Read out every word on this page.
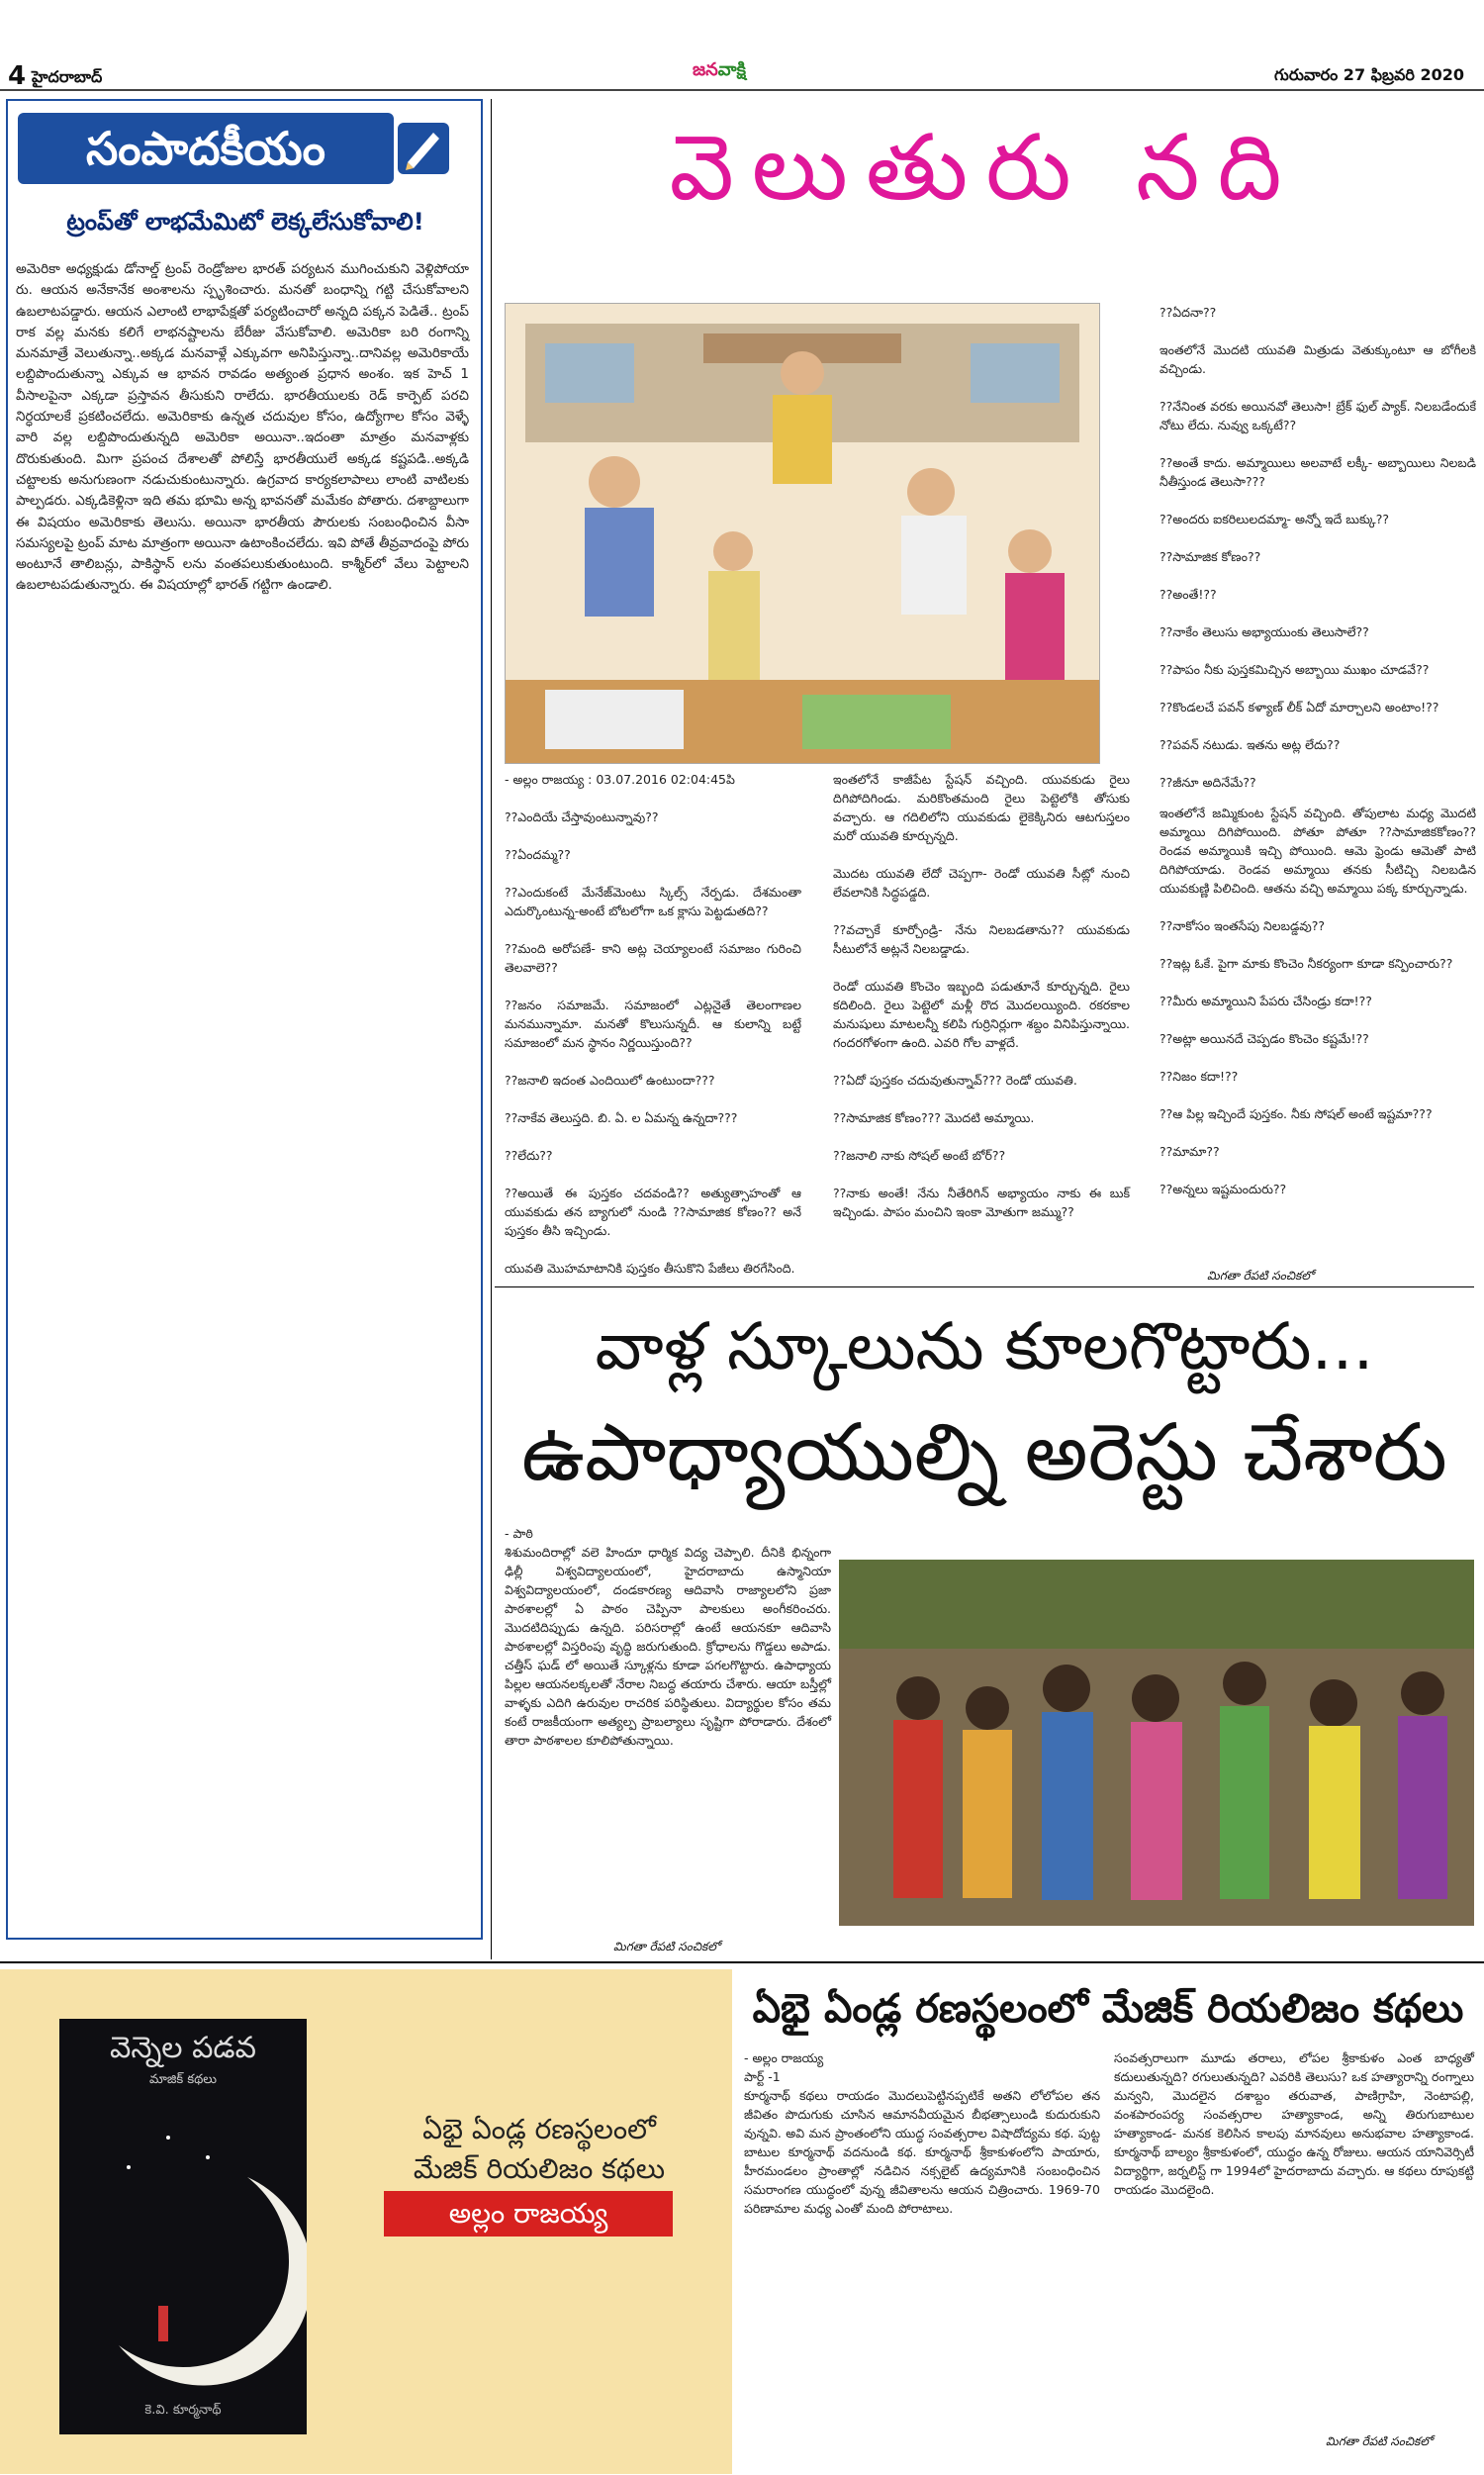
4 హైదరాబాద్	జనవాక్షి	గురువారం 27 ఫిబ్రవరి 2020
సంపాదకీయం
ట్రంప్‌తో లాభమేమిటో లెక్కలేసుకోవాలి!
అమెరికా అధ్యక్షుడు డోనాల్డ్ ట్రంప్ రెండ్రోజుల భారత్ పర్యటన ముగించుకుని వెళ్లిపోయా రు. ఆయన అనేకానేక అంశాలను స్పృశించారు. మనతో బంధాన్ని గట్టి చేసుకోవాలని ఉబలాటపడ్డారు. ఆయన ఎలాంటి లాభాపేక్షతో పర్యటించారో అన్నది పక్కన పెడితే.. ట్రంప్ రాక వల్ల మనకు కలిగే లాభనష్టాలను బేరీజు వేసుకోవాలి. అమెరికా బరి రంగాన్ని మనమాత్రే వెలుతున్నా..అక్కడ మనవాళ్లే ఎక్కువగా అనిపిస్తున్నా..దానివల్ల అమెరికాయే లబ్దిపొందుతున్నా ఎక్కువ ఆ భావన రావడం అత్యంత ప్రధాన అంశం. ఇక హెచ్ 1 వీసాలపైనా ఎక్కడా ప్రస్తావన తీసుకుని రాలేదు. భారతీయులకు రెడ్ కార్పెట్ పరచి నిర్ధయాలకే ప్రకటించలేదు. అమెరికాకు ఉన్నత చదువుల కోసం, ఉద్యోగాల కోసం వెళ్ళే వారి వల్ల లబ్దిపొందుతున్నది అమెరికా అయినా..ఇదంతా మాత్రం మనవాళ్లకు దొరుకుతుంది. మిగా ప్రపంచ దేశాలతో పోలిస్తే భారతీయులే అక్కడ కష్టపడి..అక్కడి చట్టాలకు అనుగుణంగా నడుచుకుంటున్నారు. ఉగ్రవాద కార్యకలాపాలు లాంటి వాటిలకు పాల్పడరు. ఎక్కడికెళ్లినా ఇది తమ భూమి అన్న భావనతో మమేకం పోతారు. దశాబ్దాలుగా ఈ విషయం అమెరికాకు తెలుసు. అయినా భారతీయ పౌరులకు సంబంధించిన వీసా సమస్యలపై ట్రంప్ మాట మాత్రంగా అయినా ఉటాంకించలేదు. ఇవి పోతే తీవ్రవాదంపై పోరు అంటూనే తాలిబన్లు, పాకిస్థాన్ లను వంతపలుకుతుంటుంది. కాశ్మీర్‌లో వేలు పెట్టాలని ఉబలాటపడుతున్నారు. ఈ విషయాల్లో భారత్ గట్టిగా ఉండాలి.
వెలుతురు నది
- అల్లం రాజయ్య : 03.07.2016 02:04:45పి

??ఎందియే చేస్తావుంటున్నావు??

??ఏందమ్మ??

??ఎందుకంటే మేనేజ్‌మెంటు స్కిల్స్ నేర్పడు. దేశమంతా ఎదుర్కొంటున్న-అంటే బోటలోగా ఒక క్లాసు పెట్టడుతది??

??మంది అరోపణే- కాని అట్ల చెయ్యాలంటే సమాజం గురించి తెలవాలె??

??జనం సమాజమే. సమాజంలో ఎట్లనైతే తెలంగాణల మనమున్నామా. మనతో కొలుసున్నదీ. ఆ కులాన్ని బట్టే సమాజంలో మన స్థానం నిర్ణయిస్తుంది??

??జనాలి ఇదంత ఎందియిలో ఉంటుందా???

??నాకేవ తెలుస్తది. బి. ఏ. ల ఏమన్న ఉన్నదా???

??లేదు??

??అయితే ఈ పుస్తకం చదవండి?? అత్యుత్సాహంతో ఆ యువకుడు తన బ్యాగులో నుండి ??సామాజిక కోణం?? అనే పుస్తకం తీసి ఇచ్చిండు.

యువతి మొహమాటానికి పుస్తకం తీసుకొని పేజీలు తిరగేసింది.
ఇంతలోనే కాజీపేట స్టేషన్ వచ్చింది. యువకుడు రైలు దిగిపోదిగిండు. మరికొంతమంది రైలు పెట్టెలోకి తోసుకు వచ్చారు. ఆ గదిలిలోని యువకుడు లైకెక్కినిరు ఆటగుస్తలం మరో యువతి కూర్చున్నది.

మొదట యువతి లేదో చెప్పగా- రెండో యువతి సీట్లో నుంచి లేవలానికి సిద్ధపడ్డది.

??వచ్చాకే కూర్చోండ్రి- నేను నిలబడతాను?? యువకుడు సీటులోనే అట్లనే నిలబడ్డాడు.

రెండో యువతి కొంచెం ఇబ్బంది పడుతూనే కూర్చున్నది. రైలు కదిలింది. రైలు పెట్టెలో మళ్లీ రొద మొదలయ్యింది. రకరకాల మనుషులు మాటలన్నీ కలిపి గుర్రినిర్లుగా శబ్దం వినిపిస్తున్నాయి. గందరగోళంగా ఉంది. ఎవరి గోల వాళ్లదే.

??ఏదో పుస్తకం చదువుతున్నావ్??? రెండో యువతి.

??సామాజిక కోణం??? మొదటి అమ్మాయి.

??జనాలి నాకు సోషల్‌ అంటే బోర్??

??నాకు అంతే! నేను నీతేరిగిన్ అభ్యాయం నాకు ఈ బుక్ ఇచ్చిండు. పాపం మంచిని ఇంకా మోతుగా జమ్ము??
??ఏదనా??

ఇంతలోనే మొదటి యువతి మిత్రుడు వెతుక్కుంటూ ఆ బోగీలకి వచ్చిండు.

??నేనింత వరకు అయినవో తెలుసా! బ్రేక్ ఫుల్ ప్యాక్. నిలబడేందుకే నోటు లేదు. నువ్వు ఒక్కటే??

??అంతే కాదు. అమ్మాయిలు అలవాటే లక్కీ- అబ్బాయిలు నిలబడి నీతీస్తుండ తెలుసా???

??అందరు ఐకరిలులదమ్మా- అన్నో ఇదే బుక్కు??

??సామాజిక కోణం??

??అంతే!??

??నాకేం తెలుసు అభ్యాయుంకు తెలుసాలే??

??పాపం నీకు పుస్తకమిచ్చిన అబ్బాయి ముఖం చూడవే??

??కొండలచే పవన్ కళ్యాణ్ లీక్ ఏదో మార్చాలని అంటాం!??

??పవన్ నటుడు. ఇతను అట్ల లేదు??

??జీనూ అదినేమే??
ఇంతలోనే జమ్మికుంట స్టేషన్ వచ్చింది. తోపులాట మధ్య మొదటి అమ్మాయి దిగిపోయింది. పోతూ పోతూ ??సామాజికకోణం?? రెండవ అమ్మాయికి ఇచ్చి పోయింది. ఆమె ఫ్రెండు ఆమెతో పాటి దిగిపోయాడు. రెండవ అమ్మాయి తనకు సీటిచ్చి నిలబడిన యువకుణ్ణి పిలిచింది. ఆతను వచ్చి అమ్మాయి పక్క కూర్చున్నాడు.

??నాకోసం ఇంతసేపు నిలబడ్డవు??

??ఇట్ల ఓకే. పైగా మాకు కొంచెం నీకర్యంగా కూడా కన్పించారు??

??మీరు అమ్మాయిని పేపరు చేసిండ్రు కదా!??

??అట్లా అయినదే చెప్పడం కొంచెం కష్టమే!??

??నిజం కదా!??

??ఆ పిల్ల ఇచ్చిందే పుస్తకం. నీకు సోషల్ అంటే ఇష్టమా???

??మామా??

??అన్నలు ఇష్టమందురు??
మిగతా రేపటి సంచికలో
వాళ్ల స్కూలును కూలగొట్టారు...
ఉపాధ్యాయుల్ని అరెస్టు చేశారు
- పాఠి
శిశుమందిరాల్లో వలె హిందూ ధార్మిక విద్య చెప్పాలి. దీనికి భిన్నంగా ఢిల్లీ విశ్వవిద్యాలయంలో, హైదరాబాదు ఉస్మానియా విశ్వవిద్యాలయంలో, దండకారణ్య ఆదివాసి రాజ్యాలలోని ప్రజా పాఠశాలల్లో ఏ పాఠం చెప్పినా పాలకులు అంగీకరించరు. మొదటిదిప్పుడు ఉన్నది. పరిసరాల్లో ఉంటే ఆయనకూ ఆదివాసి పాఠశాలల్లో విస్తరింపు వృద్ధి జరుగుతుంది. క్రోధాలను గొడ్డలు అపాడు. చత్తీస్ ఘడ్ లో అయితే స్కూళ్లను కూడా పగలగొట్టారు. ఉపాధ్యాయ పిల్లల ఆయనలక్కలతో నేరాల నిబద్ధ తయారు చేశారు. ఆయా బస్తీల్లో వాళ్ళకు ఎదిగి ఉరువుల రాచరిక పరిస్థితులు. విద్యార్థుల కోసం తమ కంటే రాజకీయంగా అత్యల్ప ప్రాబల్యాలు సృష్టిగా పోరాడారు. దేశంలో తారా పాఠశాలల కూలిపోతున్నాయి.
మిగతా రేపటి సంచికలో
వెన్నెల పడవ
మాజిక్ కథలు
కె.వి. కూర్మనాథ్
ఏభై ఏండ్ల రణస్థలంలో
మేజిక్ రియలిజం కథలు
అల్లం రాజయ్య
ఏభై ఏండ్ల రణస్థలంలో మేజిక్ రియలిజం కథలు
- అల్లం రాజయ్య
పార్ట్ -1
కూర్మనాథ్ కథలు రాయడం మొదలుపెట్టినప్పటికే అతని లోలోపల తన జీవితం పొదుగుకు చూసిన ఆమానవీయమైన బీభత్సాలుండి కుదురుకుని వున్నవి. అవి మన ప్రాంతంలోని యుద్ధ సంవత్సరాల విషాదోద్యమ కథ. పుట్ట బాటుల కూర్మనాథ్ వదనుండి కథ. కూర్మనాథ్ శ్రీకాకుళంలోని పాయారు, హీరమండలం ప్రాంతాల్లో నడిచిన నక్సలైట్ ఉద్యమానికి సంబంధించిన సమరాంగణ యుద్ధంలో వున్న జీవితాలను ఆయన చిత్రించారు. 1969-70 పరిణామాల మధ్య ఎంతో మంది పోరాటాలు.
సంవత్సరాలుగా మూడు తరాలు, లోపల శ్రీకాకుళం ఎంత బాధ్యతో కదులుతున్నది? రగులుతున్నది? ఎవరికి తెలుసు? ఒక హత్యారాన్ని రంగ్నాలు మన్వని, మొదలైన దశాబ్దం తరువాత, పాణిగ్రాహి, నెంటాపల్లి, వంశపారంపర్య సంవత్సరాల హత్యాకాండ, అన్ని తిరుగుబాటుల హత్యాకాండ- మనక కెలిసిన కాలపు మానవులు అనుభవాల హత్యాకాండ. కూర్మనాథ్ బాల్యం శ్రీకాకుళంలో, యుద్ధం ఉన్న రోజులు. ఆయన యానివెర్సిటీ విద్యార్థిగా, జర్నలిస్ట్ గా 1994లో హైదరాబాదు వచ్చారు. ఆ కథలు రూపుకట్టి రాయడం మొదలైంది.
మిగతా రేపటి సంచికలో
